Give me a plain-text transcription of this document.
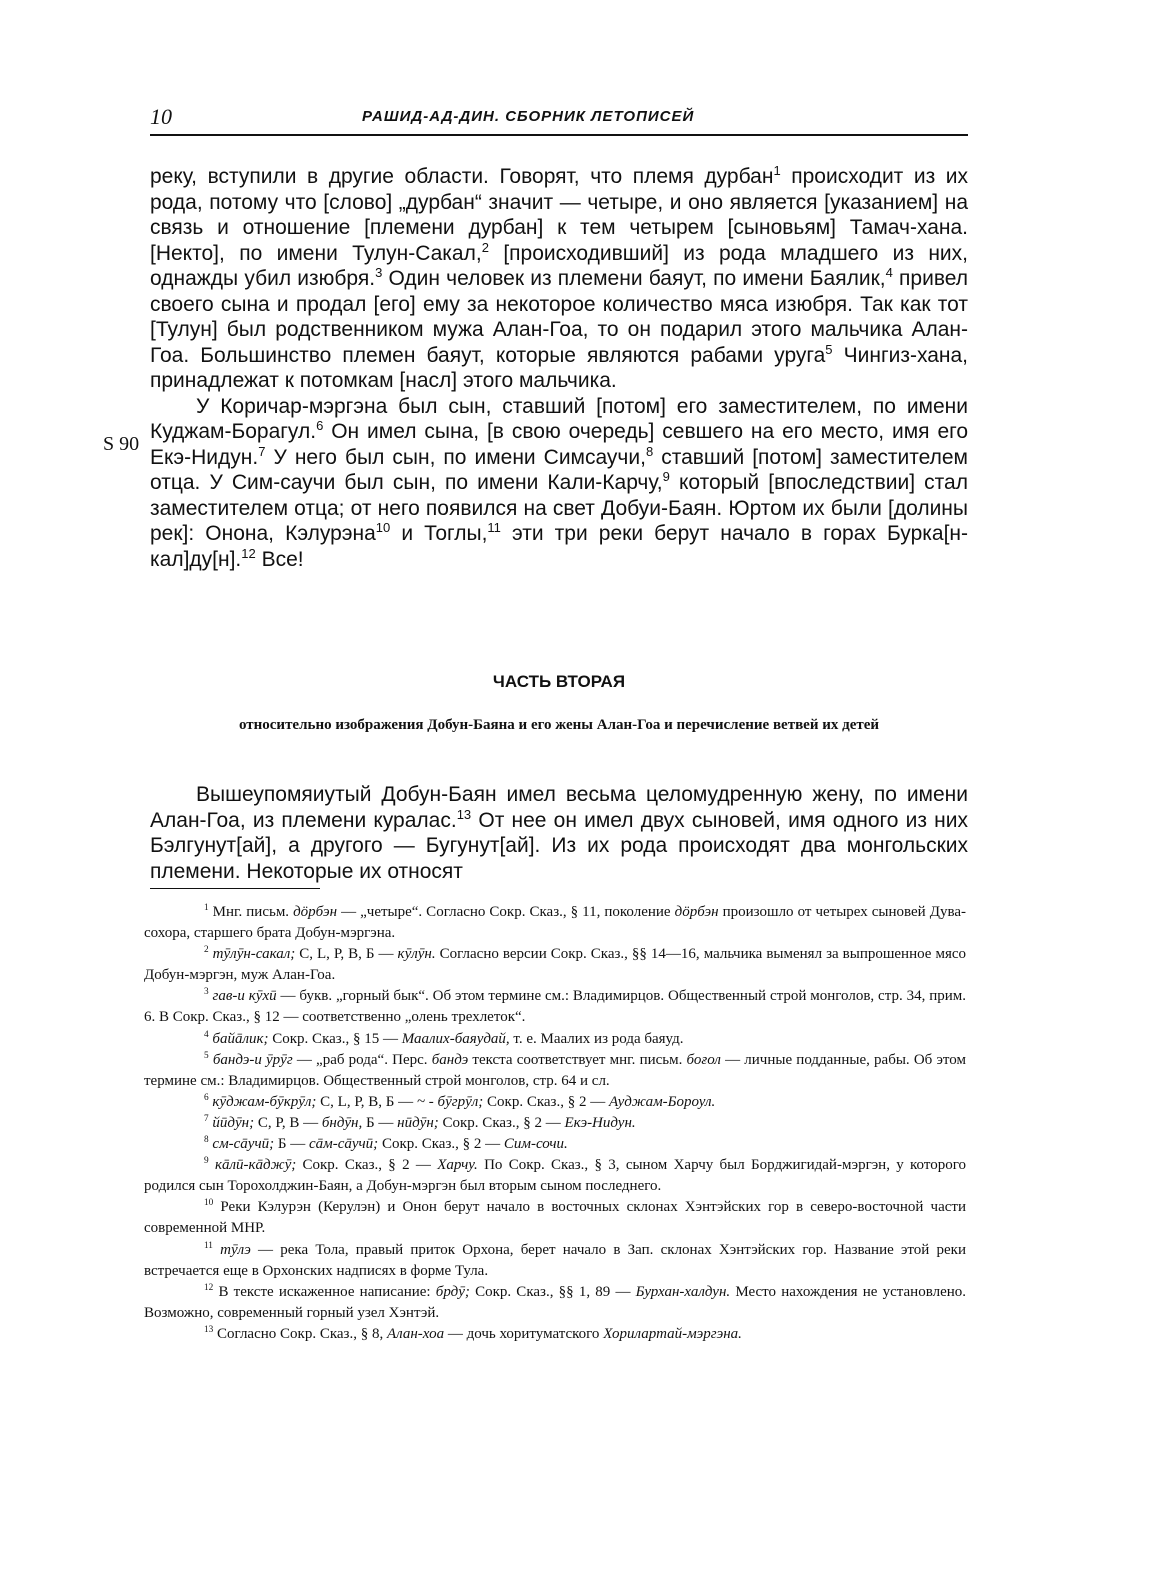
10	РАШИД-АД-ДИН. СБОРНИК ЛЕТОПИСЕЙ

реку, вступили в другие области. Говорят, что племя дурбан$^1$ происходит из их рода, потому что [слово] „дурбан“ значит — четыре, и оно является [указанием] на связь и отношение [племени дурбан] к тем четырем [сыновьям] Тамач-хана. [Некто], по имени Тулун-Сакал,$^2$ [происходивший] из рода младшего из них, однажды убил изюбря.$^3$ Один человек из племени баяут, по имени Баялик,$^4$ привел своего сына и продал [его] ему за некоторое количество мяса изюбря. Так как тот [Тулун] был родственником мужа Алан-Гоа, то он подарил этого мальчика Алан-Гоа. Большинство племен баяут, которые являются рабами уруга$^5$ Чингиз-хана, принадлежат к потомкам [насл] этого мальчика.

У Коричар-мэргэна был сын, ставший [потом] его заместителем, по имени Куджам-Борагул.$^6$ Он имел сына, [в свою очередь] севшего на его место, имя его Екэ-Нидун.$^7$ У него был сын, по имени Симсаучи,$^8$ ставший [потом] заместителем отца. У Сим-саучи был сын, по имени Кали-Карчу,$^9$ который [впоследствии] стал заместителем отца; от него появился на свет Добуи-Баян. Юртом их были [долины рек]: Онона, Кэлурэна$^{10}$ и Тоглы,$^{11}$ эти три реки берут начало в горах Бурка[н-кал]ду[н].$^{12}$ Все!

S 90
ЧАСТЬ ВТОРАЯ
относительно изображения Добун-Баяна и его жены Алан-Гоа и перечисление ветвей их детей

Вышеупомяиутый Добун-Баян имел весьма целомудренную жену, по имени Алан-Гоа, из племени куралас.$^{13}$ От нее он имел двух сыновей, имя одного из них Бэлгунут[ай], а другого — Бугунут[ай]. Из их рода происходят два монгольских племени. Некоторые их относят

$^1$ Мнг. письм. дӧрбэн — „четыре“. Согласно Сокр. Сказ., § 11, поколение дӧрбэн произошло от четырех сыновей Дува-сохора, старшего брата Добун-мэргэна.

$^2$ тӯлӯн-сакал; С, L, Р, В, Б — кӯлӯн. Согласно версии Сокр. Сказ., §§ 14—16, мальчика выменял за выпрошенное мясо Добун-мэргэн, муж Алан-Гоа.

$^3$ гав-и кӯхӣ — букв. „горный бык“. Об этом термине см.: Владимирцов. Общественный строй монголов, стр. 34, прим. 6. В Сокр. Сказ., § 12 — соответственно „олень трехлеток“.

$^4$ байāлик; Сокр. Сказ., § 15 — Маалих-баяудай, т. е. Маалих из рода баяуд.

$^5$ бандэ-и ӯрӯг — „раб рода“. Перс. бандэ текста соответствует мнг. письм. боғол — личные подданные, рабы. Об этом термине см.: Владимирцов. Общественный строй монголов, стр. 64 и сл.

$^6$ кӯджам-бӯкрӯл; С, L, Р, В, Б — ~ - бӯгрӯл; Сокр. Сказ., § 2 — Ауджам-Бороул.

$^7$ йӣдӯн; С, Р, В — бндӯн, Б — нӣдӯн; Сокр. Сказ., § 2 — Екэ-Нидун.

$^8$ см-сāучӣ; Б — сāм-сāучӣ; Сокр. Сказ., § 2 — Сим-сочи.

$^9$ кāлӣ-кāджӯ; Сокр. Сказ., § 2 — Харчу. По Сокр. Сказ., § 3, сыном Харчу был Борджигидай-мэргэн, у которого родился сын Торохолджин-Баян, а Добун-мэргэн был вторым сыном последнего.

$^{10}$ Реки Кэлурэн (Керулэн) и Онон берут начало в восточных склонах Хэнтэйских гор в северо-восточной части современной МНР.

$^{11}$ тӯлэ — река Тола, правый приток Орхона, берет начало в Зап. склонах Хэнтэйских гор. Название этой реки встречается еще в Орхонских надписях в форме Тула.

$^{12}$ В тексте искаженное написание: брдӯ; Сокр. Сказ., §§ 1, 89 — Бурхан-халдун. Место нахождения не установлено. Возможно, современный горный узел Хэнтэй.

$^{13}$ Согласно Сокр. Сказ., § 8, Алан-хоа — дочь хоритуматского Хорилартай-мэргэна.
